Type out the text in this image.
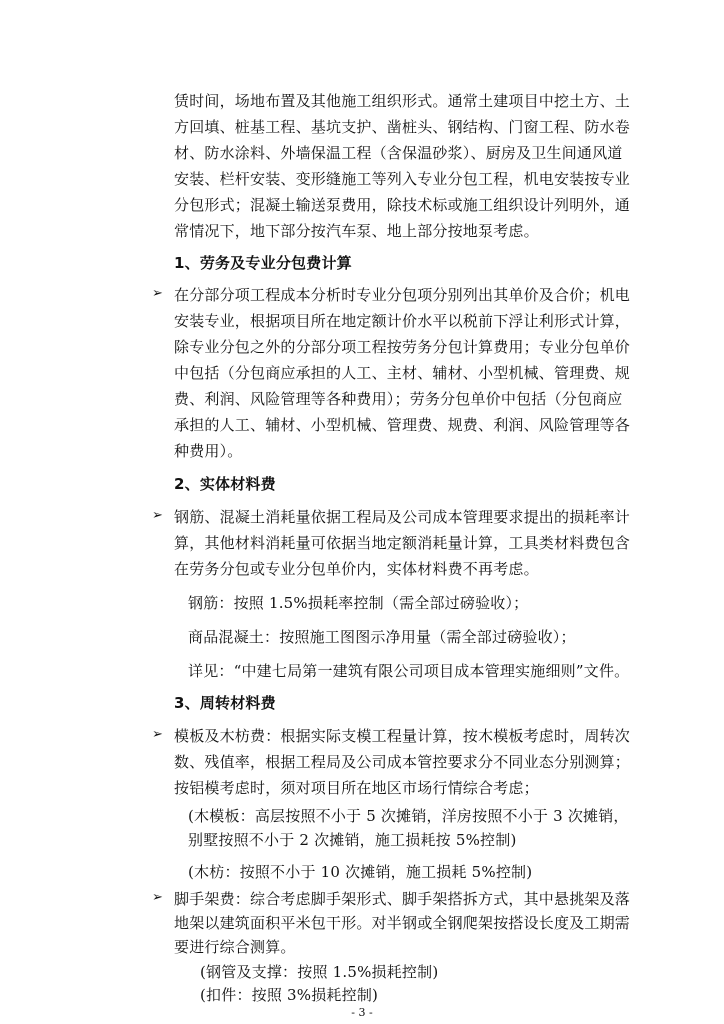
赁时间，场地布置及其他施工组织形式。通常土建项目中挖土方、土
方回填、桩基工程、基坑支护、凿桩头、钢结构、门窗工程、防水卷
材、防水涂料、外墙保温工程（含保温砂浆）、厨房及卫生间通风道
安装、栏杆安装、变形缝施工等列入专业分包工程，机电安装按专业
分包形式；混凝土输送泵费用，除技术标或施工组织设计列明外，通
常情况下，地下部分按汽车泵、地上部分按地泵考虑。
1、劳务及专业分包费计算
➢ 在分部分项工程成本分析时专业分包项分别列出其单价及合价；机电
安装专业，根据项目所在地定额计价水平以税前下浮让利形式计算，
除专业分包之外的分部分项工程按劳务分包计算费用；专业分包单价
中包括（分包商应承担的人工、主材、辅材、小型机械、管理费、规
费、利润、风险管理等各种费用）；劳务分包单价中包括（分包商应
承担的人工、辅材、小型机械、管理费、规费、利润、风险管理等各
种费用）。
2、实体材料费
➢ 钢筋、混凝土消耗量依据工程局及公司成本管理要求提出的损耗率计
算，其他材料消耗量可依据当地定额消耗量计算，工具类材料费包含
在劳务分包或专业分包单价内，实体材料费不再考虑。
钢筋：按照 1.5%损耗率控制（需全部过磅验收）；
商品混凝土：按照施工图图示净用量（需全部过磅验收）；
详见：“中建七局第一建筑有限公司项目成本管理实施细则”文件。
3、周转材料费
➢ 模板及木枋费：根据实际支模工程量计算，按木模板考虑时，周转次
数、残值率，根据工程局及公司成本管控要求分不同业态分别测算；
按铝模考虑时，须对项目所在地区市场行情综合考虑；
(木模板：高层按照不小于 5 次摊销，洋房按照不小于 3 次摊销，
别墅按照不小于 2 次摊销，施工损耗按 5%控制)
(木枋：按照不小于 10 次摊销，施工损耗 5%控制)
➢ 脚手架费：综合考虑脚手架形式、脚手架搭拆方式，其中悬挑架及落
地架以建筑面积平米包干形。对半钢或全钢爬架按搭设长度及工期需
要进行综合测算。
(钢管及支撑：按照 1.5%损耗控制)
(扣件：按照 3%损耗控制)
- 3 -
